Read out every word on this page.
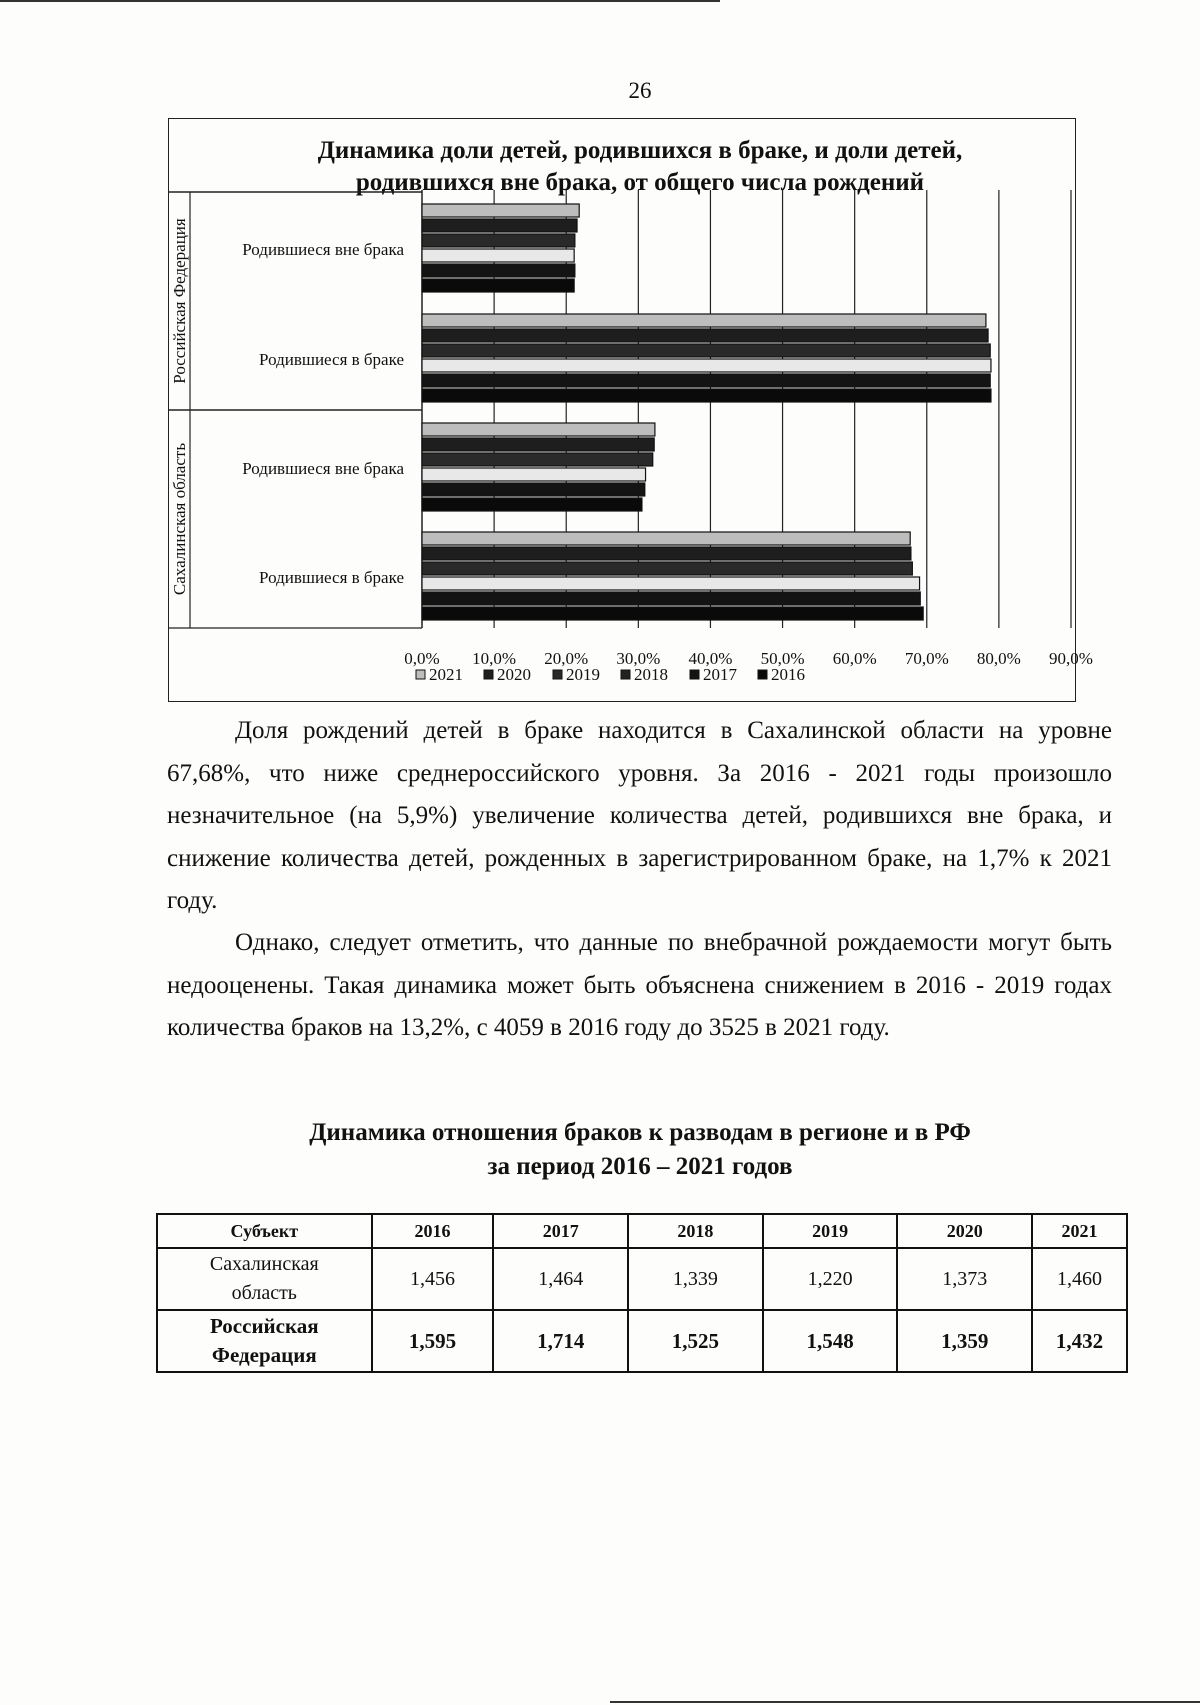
26
Динамика доли детей, родившихся в браке, и доли детей,
родившихся вне брака, от общего числа рождений
0,0% 10,0% 20,0% 30,0% 40,0% 50,0% 60,0% 70,0% 80,0% 90,0%
Российская Федерация
Сахалинская область
Родившиеся вне брака
Родившиеся в браке
Родившиеся вне брака
Родившиеся в браке
2021 2020 2019 2018 2017 2016

Доля рождений детей в браке находится в Сахалинской области на уровне 67,68%, что ниже среднероссийского уровня. За 2016 - 2021 годы произошло незначительное (на 5,9%) увеличение количества детей, родившихся вне брака, и снижение количества детей, рожденных в зарегистрированном браке, на 1,7% к 2021 году.

Однако, следует отметить, что данные по внебрачной рождаемости могут быть недооценены. Такая динамика может быть объяснена снижением в 2016 - 2019 годах количества браков на 13,2%, с 4059 в 2016 году до 3525 в 2021 году.

Динамика отношения браков к разводам в регионе и в РФ
за период 2016 – 2021 годов
Субъект	2016	2017	2018	2019	2020	2021
Сахалинская
область	1,456	1,464	1,339	1,220	1,373	1,460
Российская
Федерация	1,595	1,714	1,525	1,548	1,359	1,432
